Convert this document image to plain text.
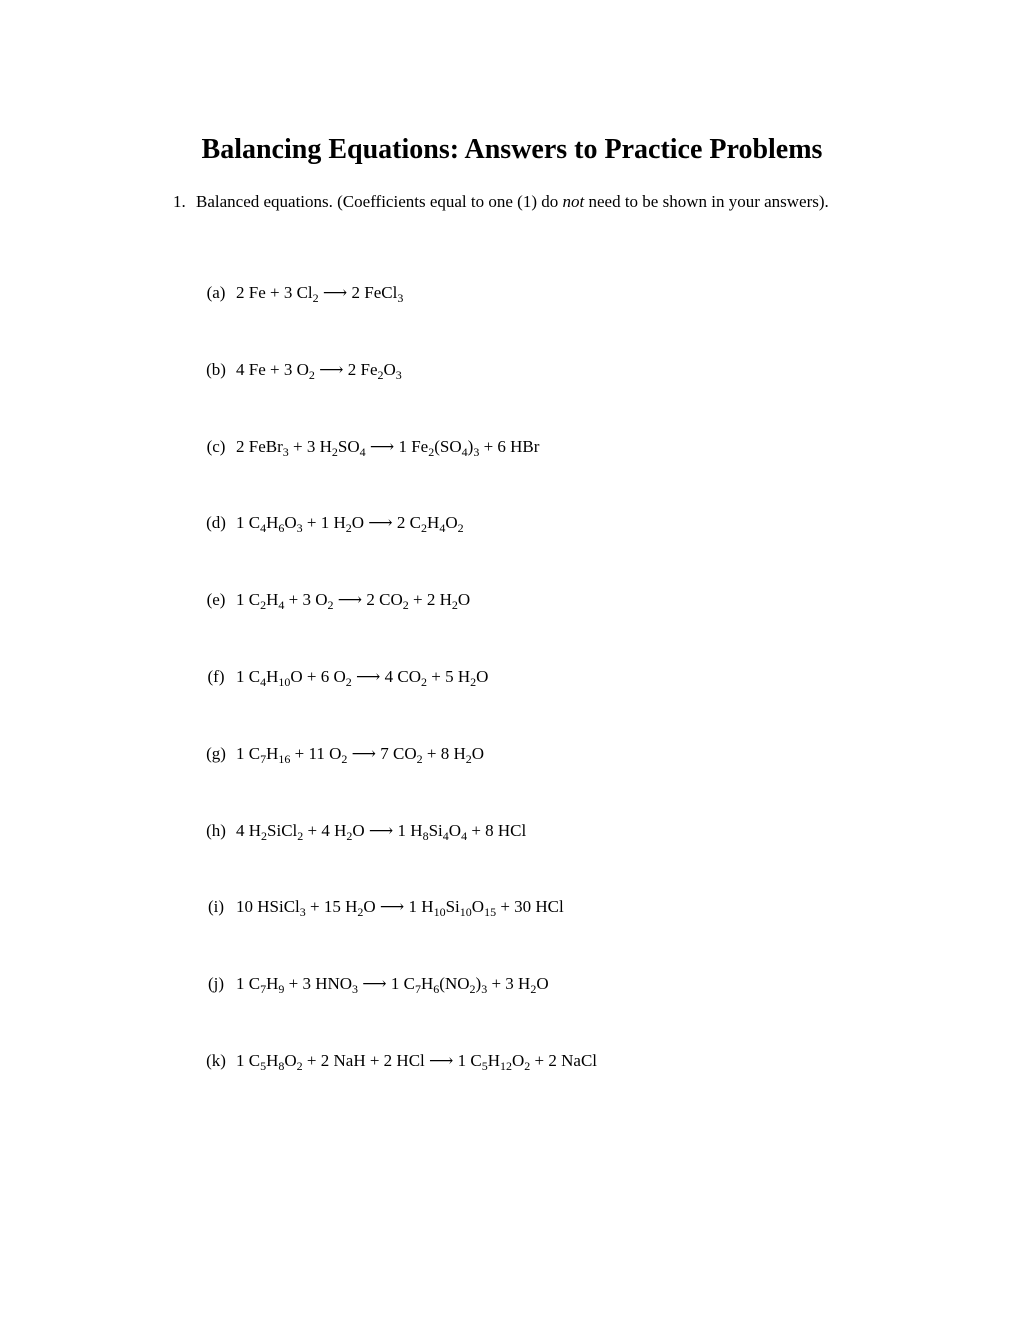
Balancing Equations: Answers to Practice Problems
1. Balanced equations. (Coefficients equal to one (1) do not need to be shown in your answers).
(a) 2 Fe + 3 $Cl_2$ ⟶ 2 FeCl$_3$
(b) 4 Fe + 3 $O_2$ ⟶ 2 $Fe_2O_3$
(c) 2 FeBr$_3$ + 3 $H_2SO_4$ ⟶ 1 $Fe_2(SO_4)_3 + 6$ HBr
(d) 1 $C_4H_6O_3 + 1$ $H_2O$ ⟶ 2 $C_2H_4O_2$
(e) 1 $C_2H_4 + 3$ $O_2$ ⟶ 2 $CO_2 + 2$ $H_2O$
(f) 1 $C_4H_{10}O + 6$ $O_2$ ⟶ 4 $CO_2 + 5$ $H_2O$
(g) 1 $C_7H_{16} + 11$ $O_2$ ⟶ 7 $CO_2 + 8$ $H_2O$
(h) 4 $H_2SiCl_2 + 4$ $H_2O$ ⟶ 1 $H_8Si_4O_4 + 8$ HCl
(i) 10 HSiCl$_3$ + 15 $H_2O$ ⟶ 1 $H_{10}Si_{10}O_{15} + 30$ HCl
(j) 1 $C_7H_9 + 3$ $HNO_3$ ⟶ 1 $C_7H_6(NO_2)_3 + 3$ $H_2O$
(k) 1 $C_5H_8O_2 + 2$ NaH + 2 HCl ⟶ 1 $C_5H_{12}O_2 + 2$ NaCl
